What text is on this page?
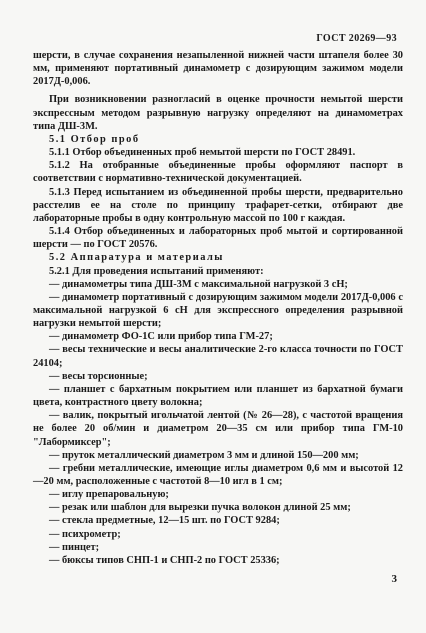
ГОСТ 20269—93

шерсти, в случае сохранения незапыленной нижней части штапеля более 30 мм, применяют портативный динамометр с дозирующим зажимом модели 2017Д-0,006.

При возникновении разногласий в оценке прочности немытой шерсти экспрессным методом разрывную нагрузку определяют на динамометрах типа ДШ-3М.

5.1 Отбор проб

5.1.1 Отбор объединенных проб немытой шерсти по ГОСТ 28491.

5.1.2 На отобранные объединенные пробы оформляют паспорт в соответствии с нормативно-технической документацией.

5.1.3 Перед испытанием из объединенной пробы шерсти, предварительно расстелив ее на столе по принципу трафарет-сетки, отбирают две лабораторные пробы в одну контрольную массой по 100 г каждая.

5.1.4 Отбор объединенных и лабораторных проб мытой и сортированной шерсти — по ГОСТ 20576.

5.2 Аппаратура и материалы

5.2.1 Для проведения испытаний применяют:

— динамометры типа ДШ-3М с максимальной нагрузкой 3 сН;

— динамометр портативный с дозирующим зажимом модели 2017Д-0,006 с максимальной нагрузкой 6 сН для экспрессного определения разрывной нагрузки немытой шерсти;

— динамометр ФО-1С или прибор типа ГМ-27;

— весы технические и весы аналитические 2-го класса точности по ГОСТ 24104;

— весы торсионные;

— планшет с бархатным покрытием или планшет из бархатной бумаги цвета, контрастного цвету волокна;

— валик, покрытый игольчатой лентой (№ 26—28), с частотой вращения не более 20 об/мин и диаметром 20—35 см или прибор типа ГМ-10 "Лабормиксер";

— пруток металлический диаметром 3 мм и длиной 150—200 мм;

— гребни металлические, имеющие иглы диаметром 0,6 мм и высотой 12—20 мм, расположенные с частотой 8—10 игл в 1 см;

— иглу препаровальную;

— резак или шаблон для вырезки пучка волокон длиной 25 мм;

— стекла предметные, 12—15 шт. по ГОСТ 9284;

— психрометр;

— пинцет;

— бюксы типов СНП-1 и СНП-2 по ГОСТ 25336;

3
